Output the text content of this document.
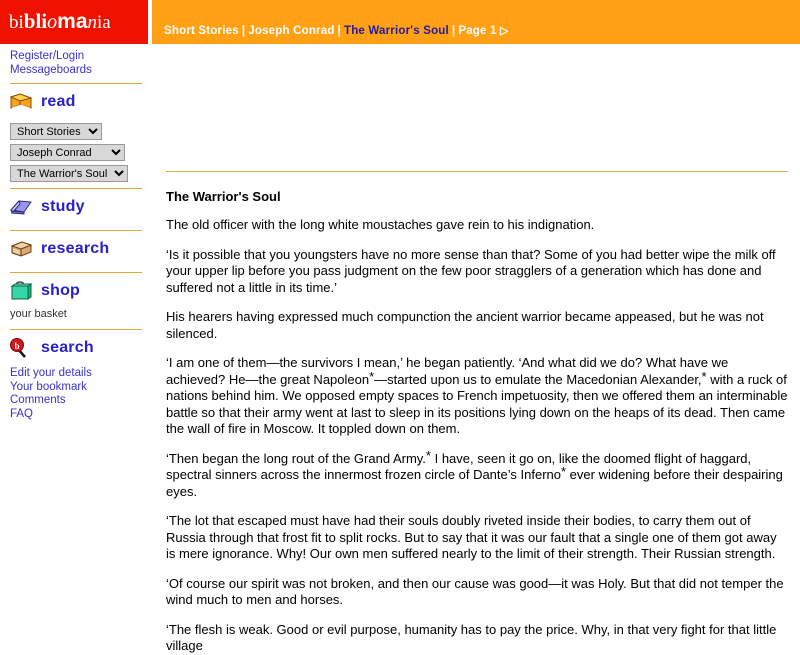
bibliomania	Short Stories | Joseph Conrad | The Warrior's Soul | Page 1 ▷
Register/Login
Messageboards
read
Short Stories
Joseph Conrad
The Warrior's Soul
study
research
shop
your basket
b search
Edit your details
Your bookmark
Comments
FAQ
The Warrior's Soul

The old officer with the long white moustaches gave rein to his indignation.

‘Is it possible that you youngsters have no more sense than that? Some of you had better wipe the milk off your upper lip before you pass judgment on the few poor stragglers of a generation which has done and suffered not a little in its time.’

His hearers having expressed much compunction the ancient warrior became appeased, but he was not silenced.

‘I am one of them—the survivors I mean,’ he began patiently. ‘And what did we do? What have we achieved? He—the great Napoleon*—started upon us to emulate the Macedonian Alexander,* with a ruck of nations behind him. We opposed empty spaces to French impetuosity, then we offered them an interminable battle so that their army went at last to sleep in its positions lying down on the heaps of its dead. Then came the wall of fire in Moscow. It toppled down on them.

‘Then began the long rout of the Grand Army.* I have, seen it go on, like the doomed flight of haggard, spectral sinners across the innermost frozen circle of Dante’s Inferno* ever widening before their despairing eyes.

‘The lot that escaped must have had their souls doubly riveted inside their bodies, to carry them out of Russia through that frost fit to split rocks. But to say that it was our fault that a single one of them got away is mere ignorance. Why! Our own men suffered nearly to the limit of their strength. Their Russian strength.

‘Of course our spirit was not broken, and then our cause was good—it was Holy. But that did not temper the wind much to men and horses.

‘The flesh is weak. Good or evil purpose, humanity has to pay the price. Why, in that very fight for that little village
